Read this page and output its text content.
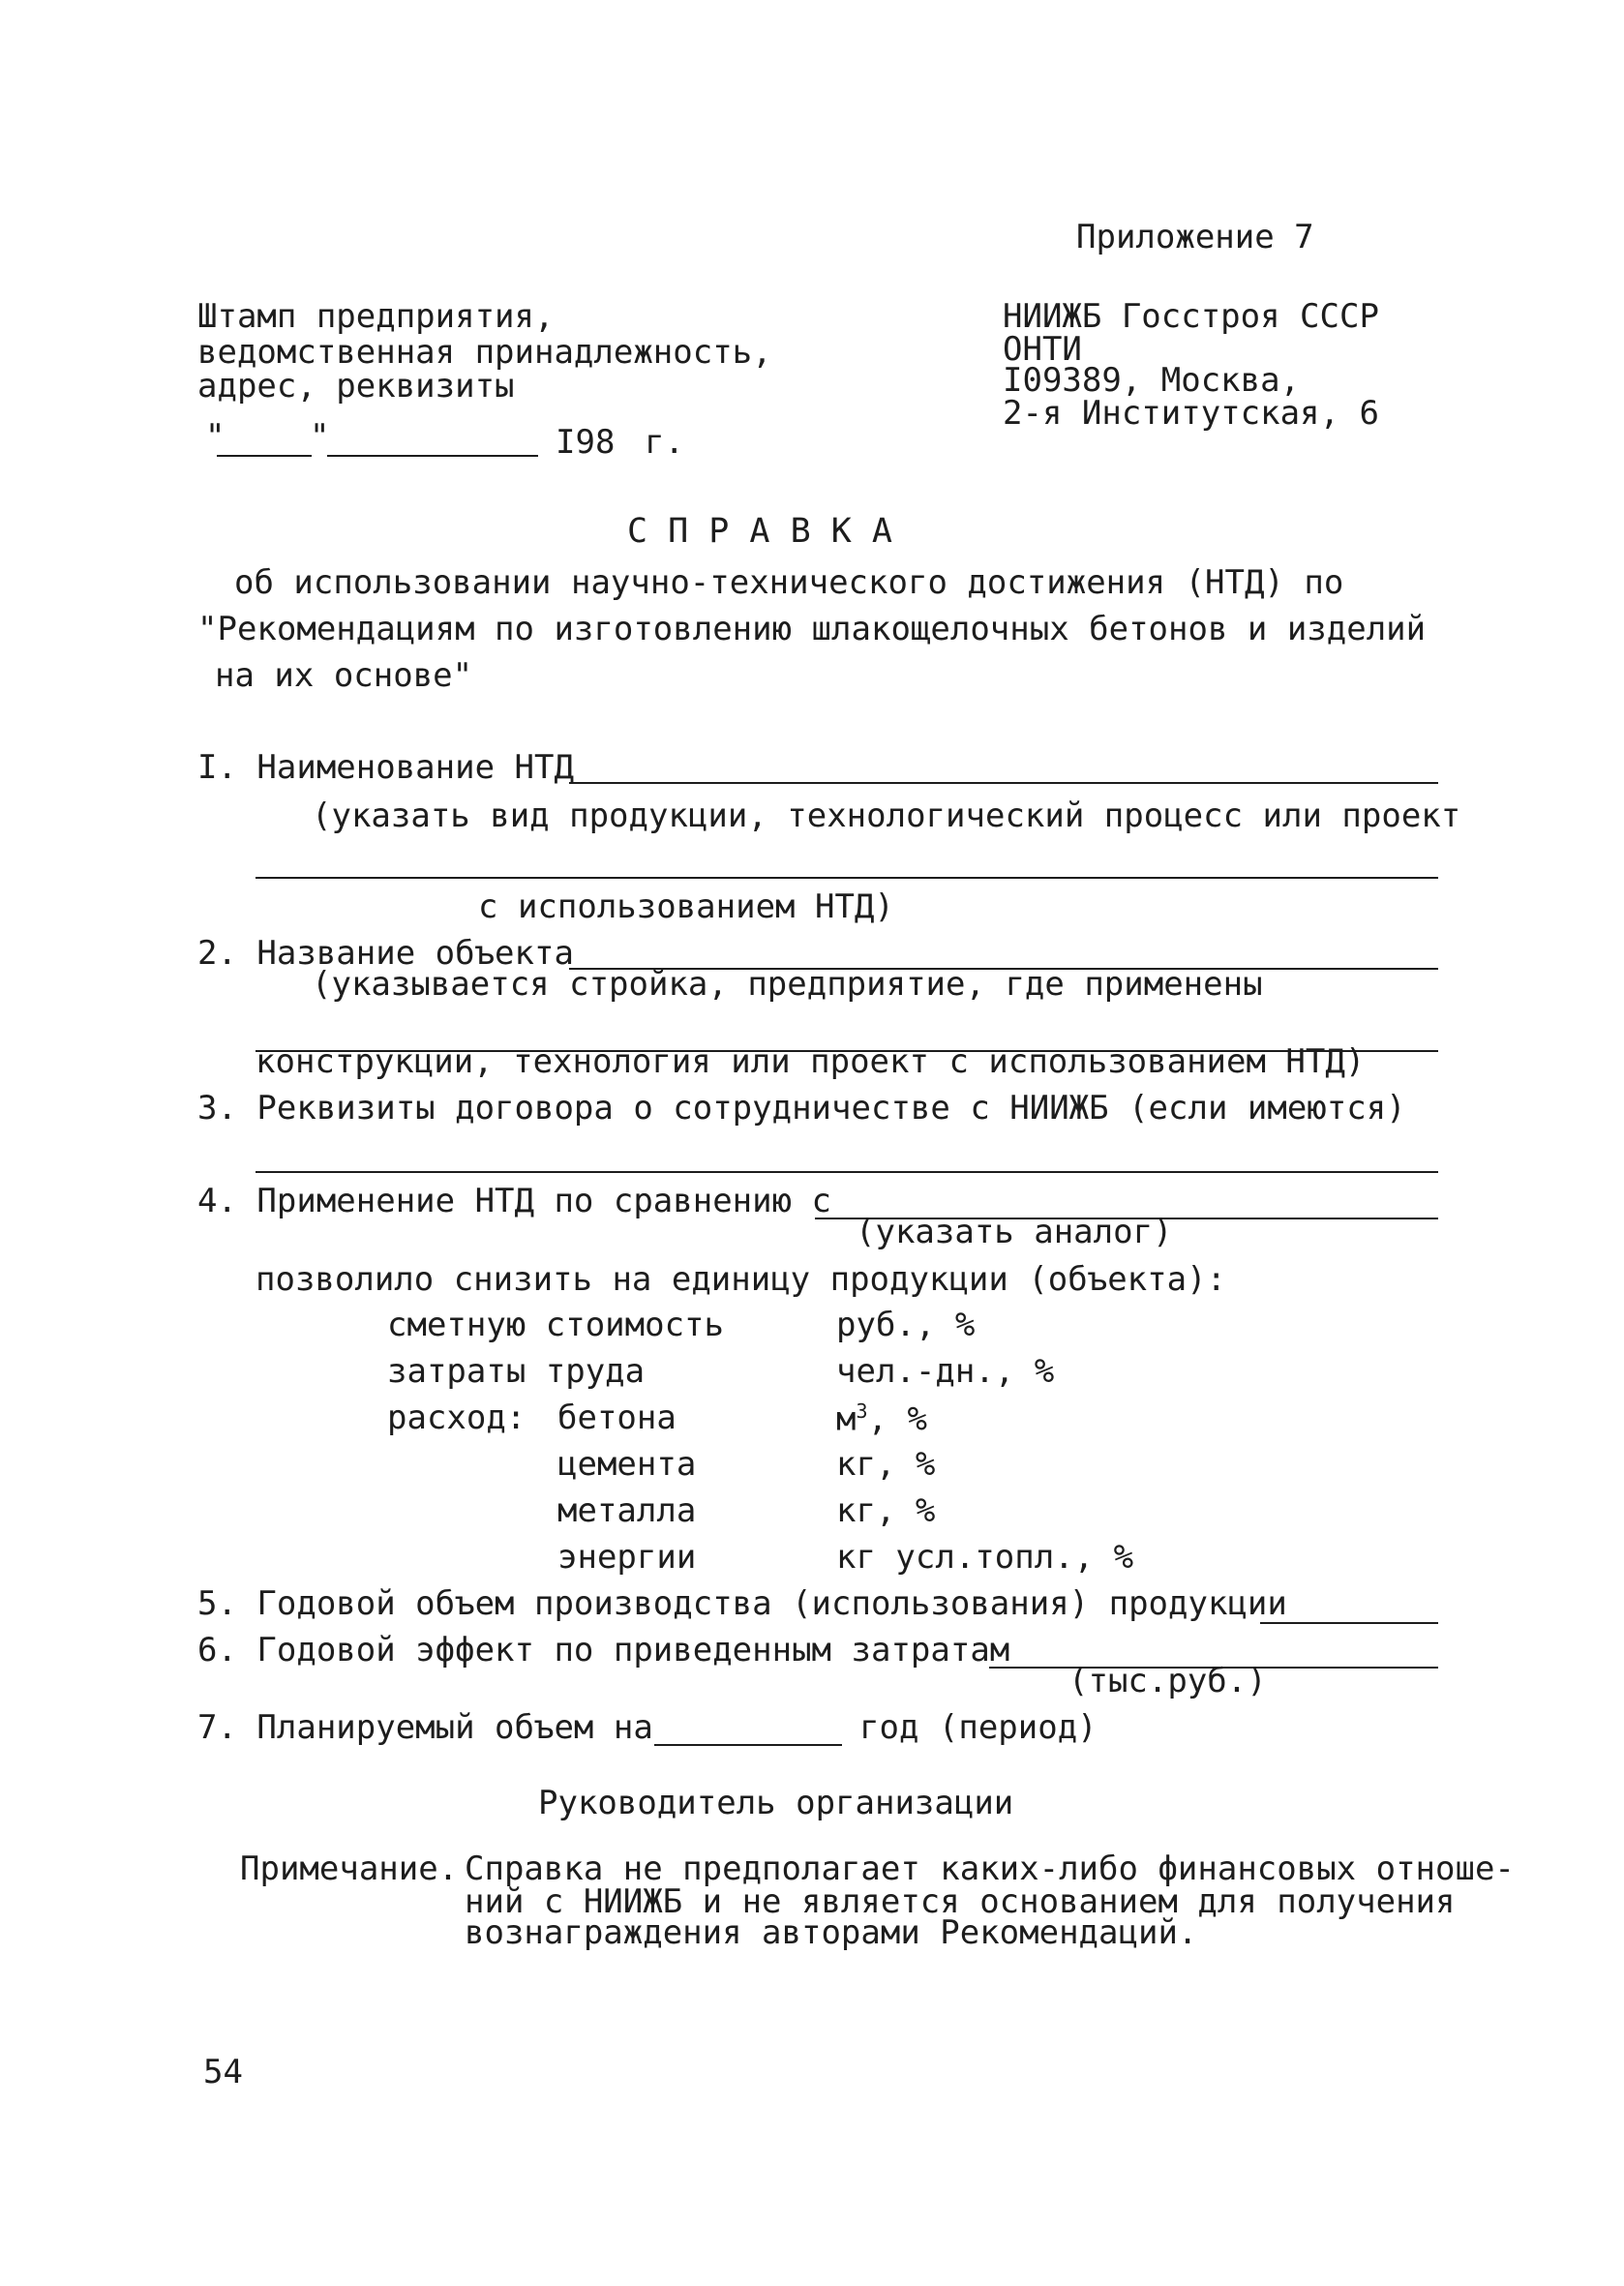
Приложение 7
Штамп предприятия,
ведомственная принадлежность,
адрес, реквизиты
"	"	I98 г.
НИИЖБ Госстроя СССР
ОНТИ
I09389, Москва,
2-я Институтская, 6
С П Р А В К А
об использовании научно-технического достижения (НТД) по
"Рекомендациям по изготовлению шлакощелочных бетонов и изделий
на их основе"
I. Наименование НТД
(указать вид продукции, технологический процесс или проект
с использованием НТД)
2. Название объекта
(указывается стройка, предприятие, где применены
конструкции, технология или проект с использованием НТД)
3. Реквизиты договора о сотрудничестве с НИИЖБ (если имеются)
4. Применение НТД по сравнению с
(указать аналог)
позволило снизить на единицу продукции (объекта):
сметную стоимость	руб., %
затраты труда	чел.-дн., %
расход: бетона	$м^3$, %
цемента	кг, %
металла	кг, %
энергии	кг усл.топл., %
5. Годовой объем производства (использования) продукции
6. Годовой эффект по приведенным затратам
(тыс.руб.)
7. Планируемый объем на	год (период)
Руководитель организации
Примечание. Справка не предполагает каких-либо финансовых отноше-
ний с НИИЖБ и не является основанием для получения
вознаграждения авторами Рекомендаций.
54
